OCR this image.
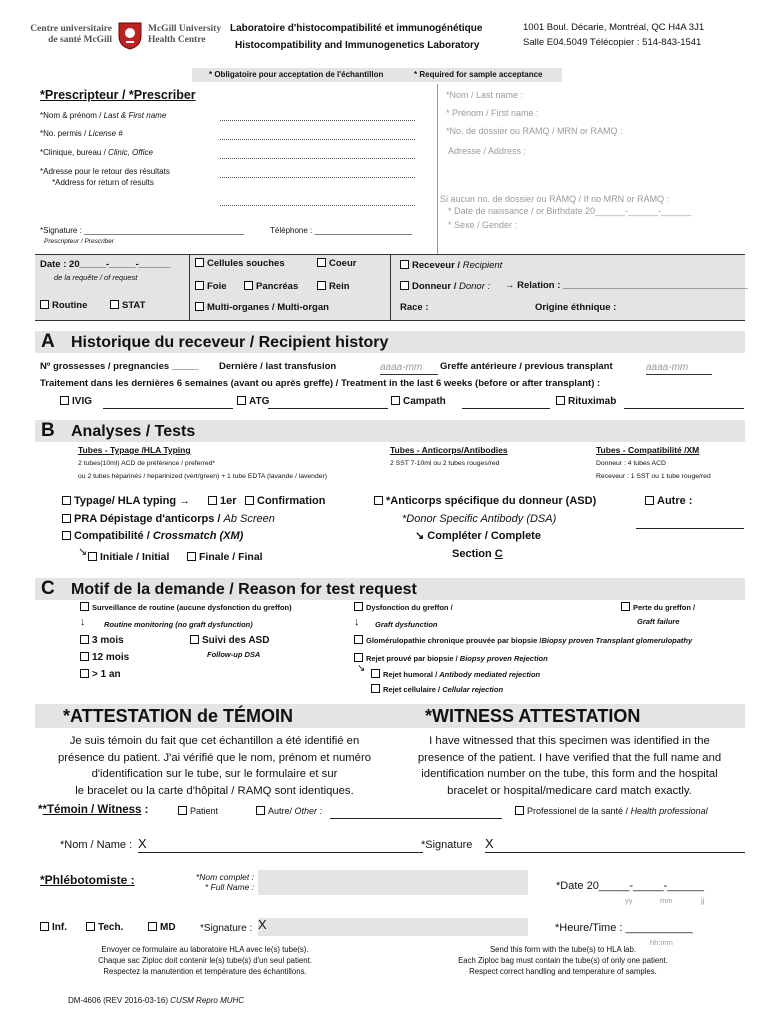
Centre universitaire
de santé McGill
McGill University
Health Centre
Laboratoire d'histocompatibilité et immunogénétique
Histocompatibility and Immunogenetics Laboratory
1001 Boul. Décarie, Montréal, QC H4A 3J1
Salle E04.5049 Télécopier : 514-843-1541
* Obligatoire pour acceptation de l'échantillon	* Required for sample acceptance
*Prescripteur / *Prescriber
*Nom & prénom / Last & First name
*No. permis / License #
*Clinique, bureau / Clinic, Office
*Adresse pour le retour des résultats
*Address for return of results
*Signature : ____________________________________
Prescripteur / Prescriber
Téléphone : ______________________
*Nom / Last name :
* Prénom / First name :
*No. de dossier ou RAMQ / MRN or RAMQ :
Adresse / Address :
Si aucun no. de dossier ou RAMQ / If no MRN or RAMQ :
* Date de naissance / or Birthdate 20______-______-______
* Sexe / Gender :
Date : 20_____-_____-______
de la requête / of request
Routine	STAT
Cellules souches	Coeur
Foie	Pancréas	Rein
Multi-organes / Multi-organ
Receveur / Recipient
Donneur / Donor : → Relation : ___________________________________
Race :	Origine éthnique :
A Historique du receveur / Recipient history
Nº grossesses / pregnancies _____ Dernière / last transfusion	aaaa-mm	Greffe antérieure / previous transplant	aaaa-mm
Traitement dans les dernières 6 semaines (avant ou après greffe) / Treatment in the last 6 weeks (before or after transplant) :
IVIG	ATG	Campath	Rituximab
B Analyses / Tests
Tubes - Typage /HLA Typing
2 tubes(10ml) ACD de préférence / preferred*
ou 2 tubes héparinés / heparinized (vert/green) + 1 tube EDTA (lavande / lavender)
Tubes - Anticorps/Antibodies
2 SST 7-10ml ou 2 tubes rouges/red
Tubes - Compatibilité /XM
Donneur : 4 tubes ACD
Receveur : 1 SST ou 1 tube rouge/red
Typage/ HLA typing →	1er	Confirmation
PRA Dépistage d'anticorps / Ab Screen
Compatibilité / Crossmatch (XM)
↘	Initiale / Initial	Finale / Final
*Anticorps spécifique du donneur (ASD)
*Donor Specific Antibody (DSA)
↘ Compléter / Complete
Section C
Autre :
C Motif de la demande / Reason for test request
Surveillance de routine (aucune dysfonction du greffon)
↓ Routine monitoring (no graft dysfunction)
3 mois
12 mois
> 1 an
Suivi des ASD
Follow-up DSA
Dysfonction du greffon /
↓ Graft dysfunction
Glomérulopathie chronique prouvée par biopsie /Biopsy proven Transplant glomerulopathy
Rejet prouvé par biopsie / Biopsy proven Rejection
↘
Rejet humoral / Antibody mediated rejection
Rejet cellulaire / Cellular rejection
Perte du greffon /
Graft failure
*ATTESTATION de TÉMOIN	*WITNESS ATTESTATION
Je suis témoin du fait que cet échantillon a été identifié en
présence du patient. J'ai vérifié que le nom, prénom et numéro
d'identification sur le tube, sur le formulaire et sur
le bracelet ou la carte d'hôpital / RAMQ sont identiques.
I have witnessed that this specimen was identified in the
presence of the patient. I have verified that the full name and
identification number on the tube, this form and the hospital
bracelet or hospital/medicare card match exactly.
**Témoin / Witness :	Patient	Autre/ Other :	Professionel de la santé / Health professional
*Nom / Name : X	*Signature X
*Phlébotomiste :	*Nom complet :
* Full Name :	*Date 20_____-_____-______
yy	mm	jj
Inf.	Tech.	MD *Signature : X	*Heure/Time : ___________
hh:mm
Envoyer ce formulaire au laboratoire HLA avec le(s) tube(s).
Chaque sac Ziploc doit contenir le(s) tube(s) d'un seul patient.
Respectez la manutention et température des échantillons.
Send this form with the tube(s) to HLA lab.
Each Ziploc bag must contain the tube(s) of only one patient.
Respect correct handling and temperature of samples.
DM-4606 (REV 2016-03-16) CUSM Repro MUHC
